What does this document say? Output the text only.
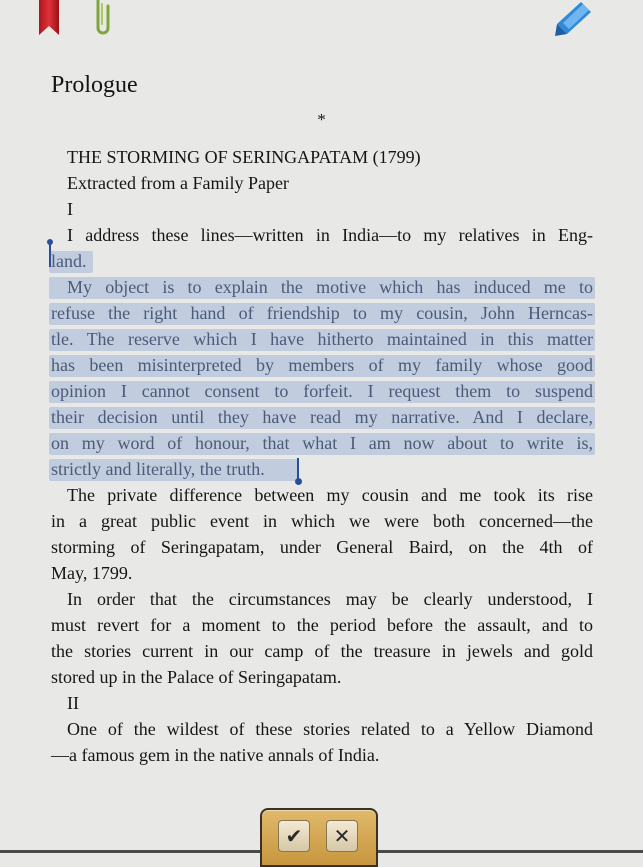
Prologue
*
THE STORMING OF SERINGAPATAM (1799)
Extracted from a Family Paper
I
I address these lines—written in India—to my relatives in Eng-
land.
My object is to explain the motive which has induced me to
refuse the right hand of friendship to my cousin, John Herncas-
tle. The reserve which I have hitherto maintained in this matter
has been misinterpreted by members of my family whose good
opinion I cannot consent to forfeit. I request them to suspend
their decision until they have read my narrative. And I declare,
on my word of honour, that what I am now about to write is,
strictly and literally, the truth.
The private difference between my cousin and me took its rise
in a great public event in which we were both concerned—the
storming of Seringapatam, under General Baird, on the 4th of
May, 1799.
In order that the circumstances may be clearly understood, I
must revert for a moment to the period before the assault, and to
the stories current in our camp of the treasure in jewels and gold
stored up in the Palace of Seringapatam.
II
One of the wildest of these stories related to a Yellow Diamond
—a famous gem in the native annals of India.
✔	✕
